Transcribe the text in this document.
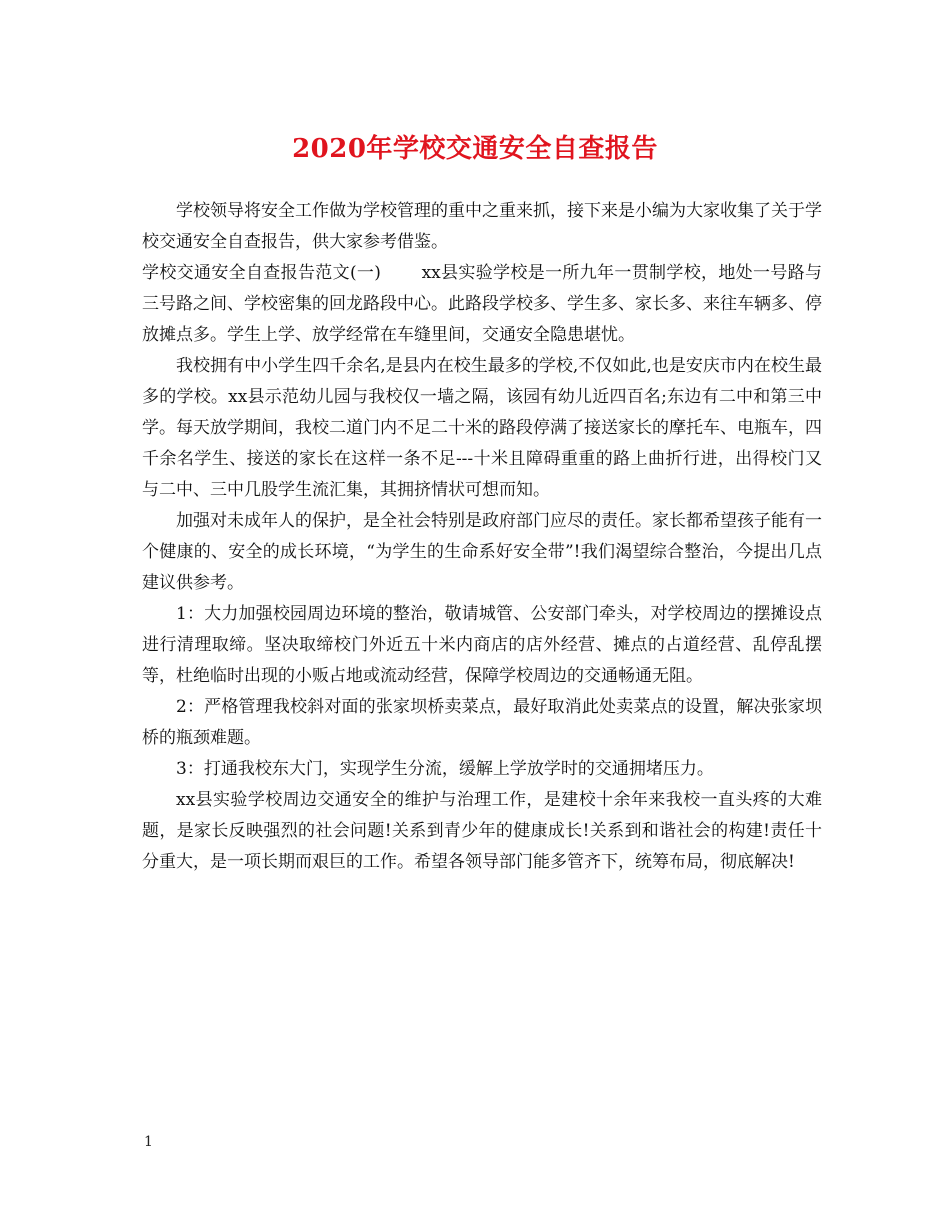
2020年学校交通安全自查报告

学校领导将安全工作做为学校管理的重中之重来抓，接下来是小编为大家收集了关于学校交通安全自查报告，供大家参考借鉴。

学校交通安全自查报告范文(一)　　 xx县实验学校是一所九年一贯制学校，地处一号路与三号路之间、学校密集的回龙路段中心。此路段学校多、学生多、家长多、来往车辆多、停放摊点多。学生上学、放学经常在车缝里间，交通安全隐患堪忧。

我校拥有中小学生四千余名,是县内在校生最多的学校,不仅如此,也是安庆市内在校生最多的学校。xx县示范幼儿园与我校仅一墙之隔，该园有幼儿近四百名;东边有二中和第三中学。每天放学期间，我校二道门内不足二十米的路段停满了接送家长的摩托车、电瓶车，四千余名学生、接送的家长在这样一条不足---十米且障碍重重的路上曲折行进，出得校门又与二中、三中几股学生流汇集，其拥挤情状可想而知。

加强对未成年人的保护，是全社会特别是政府部门应尽的责任。家长都希望孩子能有一个健康的、安全的成长环境，“为学生的生命系好安全带”!我们渴望综合整治，今提出几点建议供参考。

1：大力加强校园周边环境的整治，敬请城管、公安部门牵头，对学校周边的摆摊设点进行清理取缔。坚决取缔校门外近五十米内商店的店外经营、摊点的占道经营、乱停乱摆等，杜绝临时出现的小贩占地或流动经营，保障学校周边的交通畅通无阻。

2：严格管理我校斜对面的张家坝桥卖菜点，最好取消此处卖菜点的设置，解决张家坝桥的瓶颈难题。

3：打通我校东大门，实现学生分流，缓解上学放学时的交通拥堵压力。

xx县实验学校周边交通安全的维护与治理工作，是建校十余年来我校一直头疼的大难题，是家长反映强烈的社会问题!关系到青少年的健康成长!关系到和谐社会的构建!责任十分重大，是一项长期而艰巨的工作。希望各领导部门能多管齐下，统筹布局，彻底解决!

1
